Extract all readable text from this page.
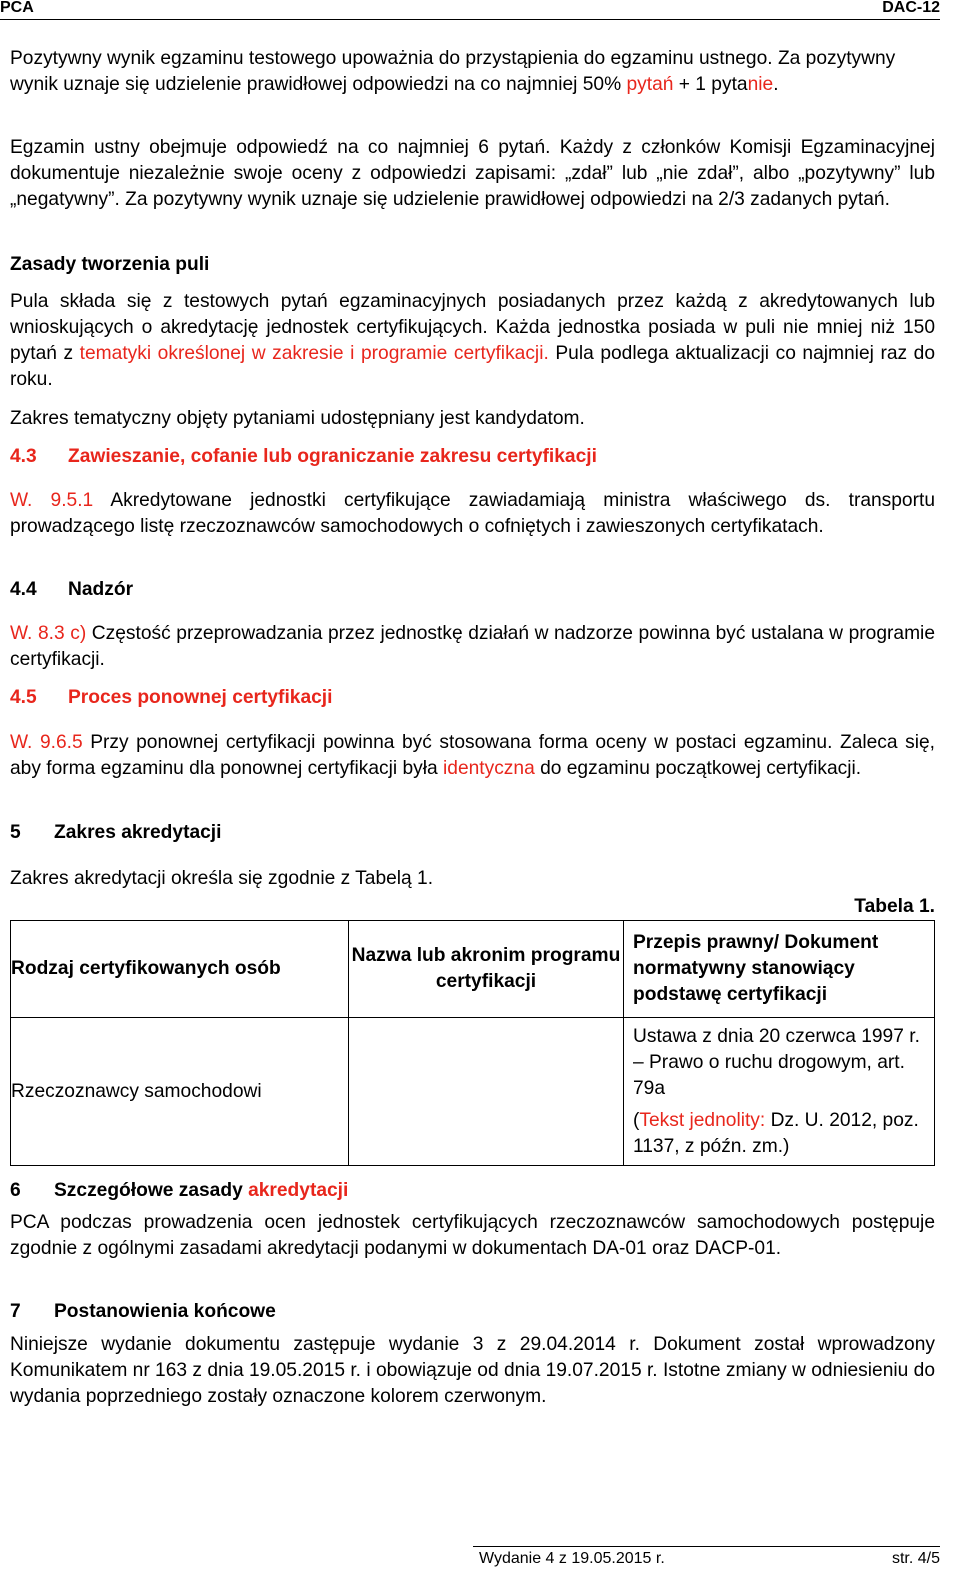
PCA	DAC-12
Pozytywny wynik egzaminu testowego upoważnia do przystąpienia do egzaminu ustnego. Za pozytywny wynik uznaje się udzielenie prawidłowej odpowiedzi na co najmniej 50% pytań + 1 pytanie.
Egzamin ustny obejmuje odpowiedź na co najmniej 6 pytań. Każdy z członków Komisji Egzaminacyjnej dokumentuje niezależnie swoje oceny z odpowiedzi zapisami: „zdał” lub „nie zdał”, albo „pozytywny” lub „negatywny”. Za pozytywny wynik uznaje się udzielenie prawidłowej odpowiedzi na 2/3 zadanych pytań.
Zasady tworzenia puli
Pula składa się z testowych pytań egzaminacyjnych posiadanych przez każdą z akredytowanych lub wnioskujących o akredytację jednostek certyfikujących. Każda jednostka posiada w puli nie mniej niż 150 pytań z tematyki określonej w zakresie i programie certyfikacji. Pula podlega aktualizacji co najmniej raz do roku.
Zakres tematyczny objęty pytaniami udostępniany jest kandydatom.
4.3 Zawieszanie, cofanie lub ograniczanie zakresu certyfikacji
W. 9.5.1 Akredytowane jednostki certyfikujące zawiadamiają ministra właściwego ds. transportu prowadzącego listę rzeczoznawców samochodowych o cofniętych i zawieszonych certyfikatach.
4.4 Nadzór
W. 8.3 c) Częstość przeprowadzania przez jednostkę działań w nadzorze powinna być ustalana w programie certyfikacji.
4.5 Proces ponownej certyfikacji
W. 9.6.5 Przy ponownej certyfikacji powinna być stosowana forma oceny w postaci egzaminu. Zaleca się, aby forma egzaminu dla ponownej certyfikacji była identyczna do egzaminu początkowej certyfikacji.
5 Zakres akredytacji
Zakres akredytacji określa się zgodnie z Tabelą 1.
Tabela 1.
Rodzaj certyfikowanych osób	Nazwa lub akronim programu certyfikacji	Przepis prawny/ Dokument normatywny stanowiący podstawę certyfikacji
Rzeczoznawcy samochodowi		Ustawa z dnia 20 czerwca 1997 r. – Prawo o ruchu drogowym, art. 79a
(Tekst jednolity: Dz. U. 2012, poz. 1137, z późn. zm.)
6 Szczegółowe zasady akredytacji
PCA podczas prowadzenia ocen jednostek certyfikujących rzeczoznawców samochodowych postępuje zgodnie z ogólnymi zasadami akredytacji podanymi w dokumentach DA-01 oraz DACP-01.
7 Postanowienia końcowe
Niniejsze wydanie dokumentu zastępuje wydanie 3 z 29.04.2014 r. Dokument został wprowadzony Komunikatem nr 163 z dnia 19.05.2015 r. i obowiązuje od dnia 19.07.2015 r. Istotne zmiany w odniesieniu do wydania poprzedniego zostały oznaczone kolorem czerwonym.
Wydanie 4 z 19.05.2015 r.	str. 4/5
